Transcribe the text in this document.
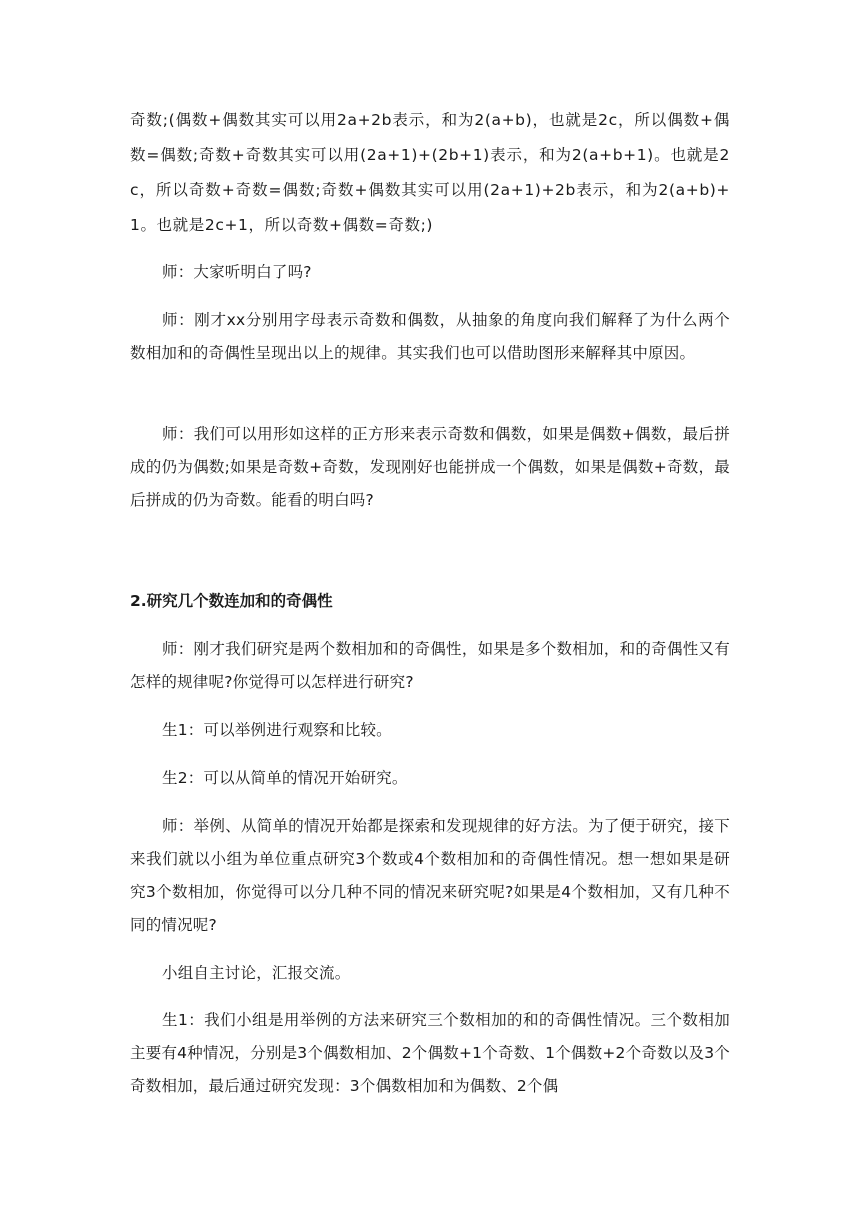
奇数;(偶数+偶数其实可以用2a+2b表示，和为2(a+b)，也就是2c，所以偶数+偶数=偶数;奇数+奇数其实可以用(2a+1)+(2b+1)表示，和为2(a+b+1)。也就是2c，所以奇数+奇数=偶数;奇数+偶数其实可以用(2a+1)+2b表示，和为2(a+b)+1。也就是2c+1，所以奇数+偶数=奇数;)

师：大家听明白了吗?

师：刚才xx分别用字母表示奇数和偶数，从抽象的角度向我们解释了为什么两个数相加和的奇偶性呈现出以上的规律。其实我们也可以借助图形来解释其中原因。

师：我们可以用形如这样的正方形来表示奇数和偶数，如果是偶数+偶数，最后拼成的仍为偶数;如果是奇数+奇数，发现刚好也能拼成一个偶数，如果是偶数+奇数，最后拼成的仍为奇数。能看的明白吗?

2.研究几个数连加和的奇偶性

师：刚才我们研究是两个数相加和的奇偶性，如果是多个数相加，和的奇偶性又有怎样的规律呢?你觉得可以怎样进行研究?

生1：可以举例进行观察和比较。

生2：可以从简单的情况开始研究。

师：举例、从简单的情况开始都是探索和发现规律的好方法。为了便于研究，接下来我们就以小组为单位重点研究3个数或4个数相加和的奇偶性情况。想一想如果是研究3个数相加，你觉得可以分几种不同的情况来研究呢?如果是4个数相加，又有几种不同的情况呢?

小组自主讨论，汇报交流。

生1：我们小组是用举例的方法来研究三个数相加的和的奇偶性情况。三个数相加主要有4种情况，分别是3个偶数相加、2个偶数+1个奇数、1个偶数+2个奇数以及3个奇数相加，最后通过研究发现：3个偶数相加和为偶数、2个偶
